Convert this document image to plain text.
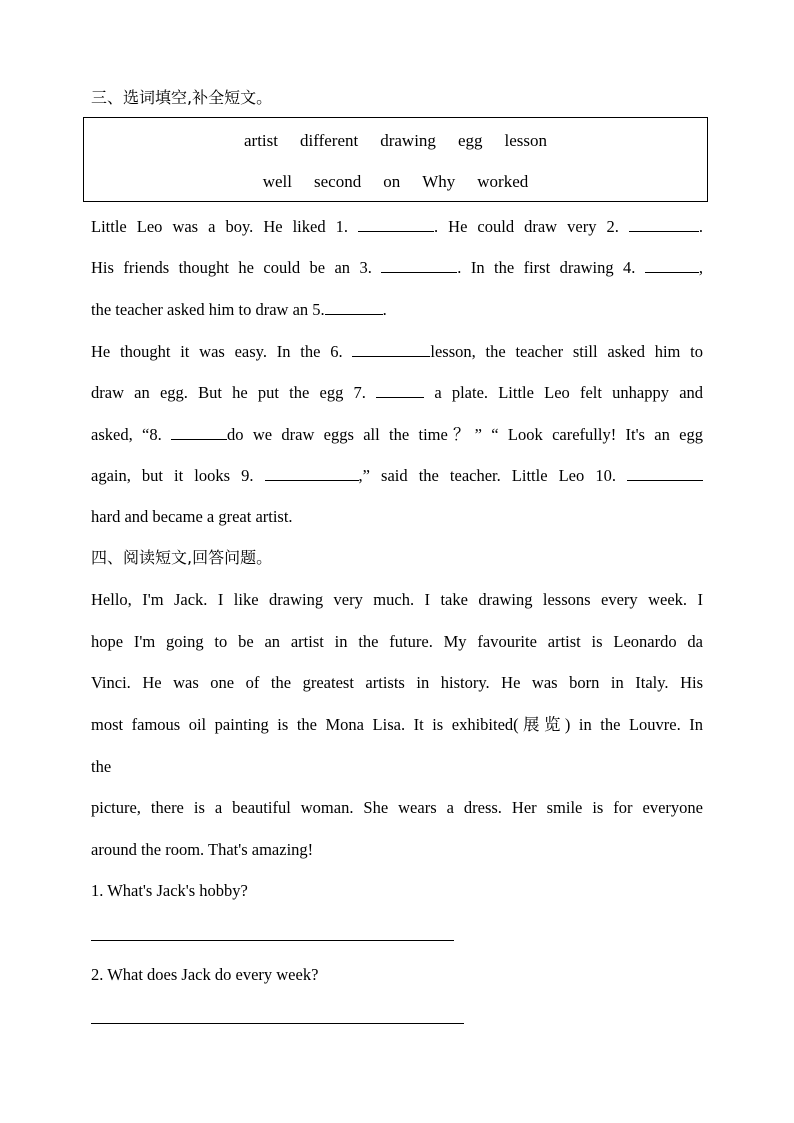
三、选词填空,补全短文。
artist different drawing egg lesson
well second on Why worked
Little Leo was a boy. He liked 1.	. He could draw very 2.	.
His friends thought he could be an 3.	. In the first drawing 4.	,
the teacher asked him to draw an 5.	.
He thought it was easy. In the 6.	lesson, the teacher still asked him to
draw an egg. But he put the egg 7.	a plate. Little Leo felt unhappy and
asked, “8.	do we draw eggs all the time？” “ Look carefully! It's an egg
again, but it looks 9.	,” said the teacher. Little Leo 10.
hard and became a great artist.
四、阅读短文,回答问题。
Hello, I'm Jack. I like drawing very much. I take drawing lessons every week. I
hope I'm going to be an artist in the future. My favourite artist is Leonardo da
Vinci. He was one of the greatest artists in history. He was born in Italy. His
most famous oil painting is the Mona Lisa. It is exhibited(展览) in the Louvre. In
the
picture, there is a beautiful woman. She wears a dress. Her smile is for everyone
around the room. That's amazing!
1. What's Jack's hobby?
2. What does Jack do every week?
